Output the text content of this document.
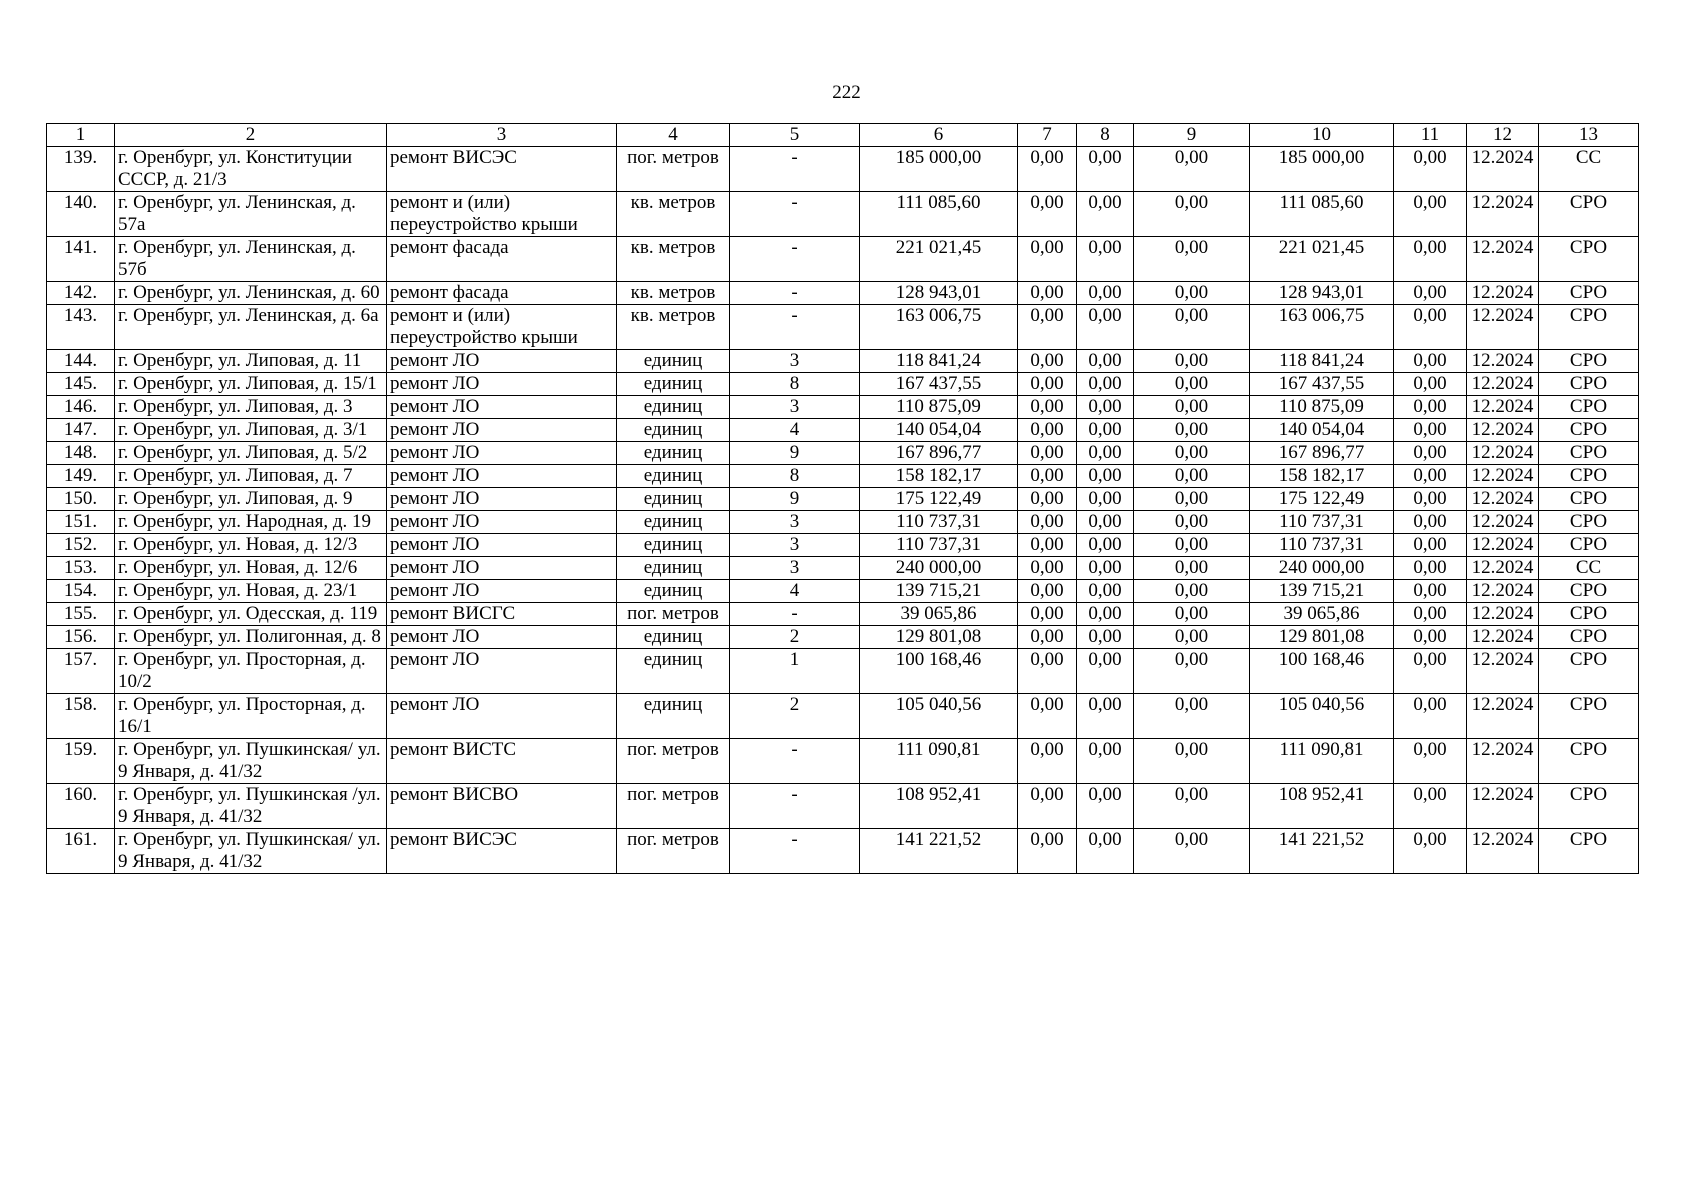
222
1	2	3	4	5	6	7	8	9	10	11	12	13
139.	г. Оренбург, ул. Конституции СССР, д. 21/3	ремонт ВИСЭС	пог. метров	-	185 000,00	0,00	0,00	0,00	185 000,00	0,00	12.2024	СС
140.	г. Оренбург, ул. Ленинская, д. 57а	ремонт и (или) переустройство крыши	кв. метров	-	111 085,60	0,00	0,00	0,00	111 085,60	0,00	12.2024	СРО
141.	г. Оренбург, ул. Ленинская, д. 57б	ремонт фасада	кв. метров	-	221 021,45	0,00	0,00	0,00	221 021,45	0,00	12.2024	СРО
142.	г. Оренбург, ул. Ленинская, д. 60	ремонт фасада	кв. метров	-	128 943,01	0,00	0,00	0,00	128 943,01	0,00	12.2024	СРО
143.	г. Оренбург, ул. Ленинская, д. 6а	ремонт и (или) переустройство крыши	кв. метров	-	163 006,75	0,00	0,00	0,00	163 006,75	0,00	12.2024	СРО
144.	г. Оренбург, ул. Липовая, д. 11	ремонт ЛО	единиц	3	118 841,24	0,00	0,00	0,00	118 841,24	0,00	12.2024	СРО
145.	г. Оренбург, ул. Липовая, д. 15/1	ремонт ЛО	единиц	8	167 437,55	0,00	0,00	0,00	167 437,55	0,00	12.2024	СРО
146.	г. Оренбург, ул. Липовая, д. 3	ремонт ЛО	единиц	3	110 875,09	0,00	0,00	0,00	110 875,09	0,00	12.2024	СРО
147.	г. Оренбург, ул. Липовая, д. 3/1	ремонт ЛО	единиц	4	140 054,04	0,00	0,00	0,00	140 054,04	0,00	12.2024	СРО
148.	г. Оренбург, ул. Липовая, д. 5/2	ремонт ЛО	единиц	9	167 896,77	0,00	0,00	0,00	167 896,77	0,00	12.2024	СРО
149.	г. Оренбург, ул. Липовая, д. 7	ремонт ЛО	единиц	8	158 182,17	0,00	0,00	0,00	158 182,17	0,00	12.2024	СРО
150.	г. Оренбург, ул. Липовая, д. 9	ремонт ЛО	единиц	9	175 122,49	0,00	0,00	0,00	175 122,49	0,00	12.2024	СРО
151.	г. Оренбург, ул. Народная, д. 19	ремонт ЛО	единиц	3	110 737,31	0,00	0,00	0,00	110 737,31	0,00	12.2024	СРО
152.	г. Оренбург, ул. Новая, д. 12/3	ремонт ЛО	единиц	3	110 737,31	0,00	0,00	0,00	110 737,31	0,00	12.2024	СРО
153.	г. Оренбург, ул. Новая, д. 12/6	ремонт ЛО	единиц	3	240 000,00	0,00	0,00	0,00	240 000,00	0,00	12.2024	СС
154.	г. Оренбург, ул. Новая, д. 23/1	ремонт ЛО	единиц	4	139 715,21	0,00	0,00	0,00	139 715,21	0,00	12.2024	СРО
155.	г. Оренбург, ул. Одесская, д. 119	ремонт ВИСГС	пог. метров	-	39 065,86	0,00	0,00	0,00	39 065,86	0,00	12.2024	СРО
156.	г. Оренбург, ул. Полигонная, д. 8	ремонт ЛО	единиц	2	129 801,08	0,00	0,00	0,00	129 801,08	0,00	12.2024	СРО
157.	г. Оренбург, ул. Просторная, д. 10/2	ремонт ЛО	единиц	1	100 168,46	0,00	0,00	0,00	100 168,46	0,00	12.2024	СРО
158.	г. Оренбург, ул. Просторная, д. 16/1	ремонт ЛО	единиц	2	105 040,56	0,00	0,00	0,00	105 040,56	0,00	12.2024	СРО
159.	г. Оренбург, ул. Пушкинская/ ул. 9 Января, д. 41/32	ремонт ВИСТС	пог. метров	-	111 090,81	0,00	0,00	0,00	111 090,81	0,00	12.2024	СРО
160.	г. Оренбург, ул. Пушкинская /ул. 9 Января, д. 41/32	ремонт ВИСВО	пог. метров	-	108 952,41	0,00	0,00	0,00	108 952,41	0,00	12.2024	СРО
161.	г. Оренбург, ул. Пушкинская/ ул. 9 Января, д. 41/32	ремонт ВИСЭС	пог. метров	-	141 221,52	0,00	0,00	0,00	141 221,52	0,00	12.2024	СРО
